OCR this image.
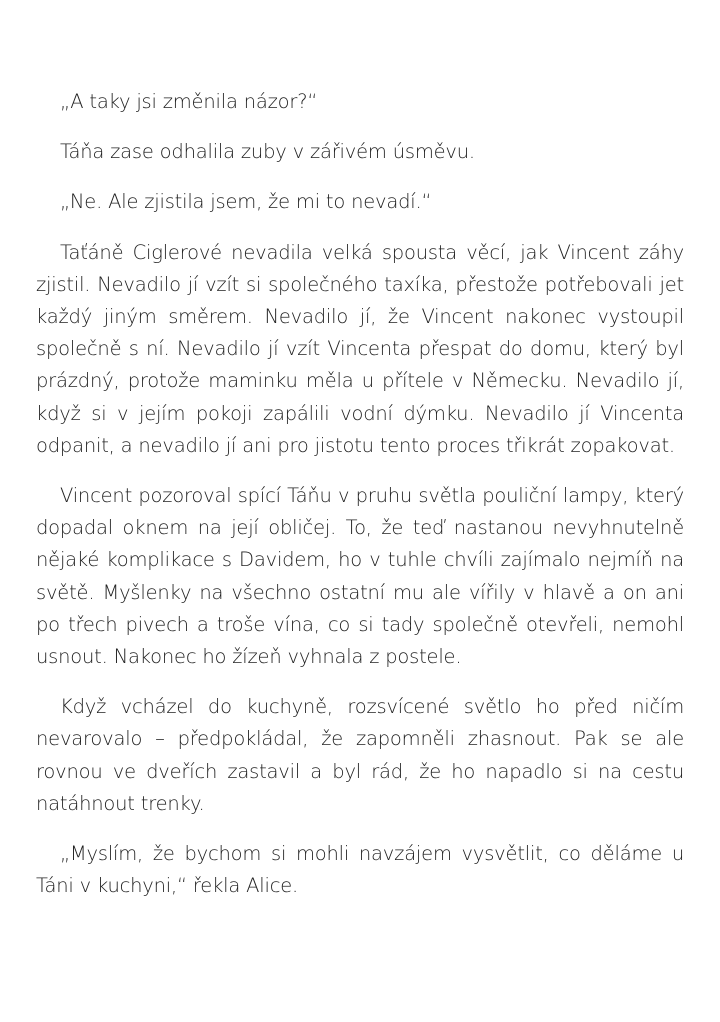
„A taky jsi změnila názor?“

Táňa zase odhalila zuby v zářivém úsměvu.

„Ne. Ale zjistila jsem, že mi to nevadí.“

Taťáně Ciglerové nevadila velká spousta věcí, jak Vincent záhy zjistil. Nevadilo jí vzít si společného taxíka, přestože potřebovali jet každý jiným směrem. Nevadilo jí, že Vincent nakonec vystoupil společně s ní. Nevadilo jí vzít Vincenta přespat do domu, který byl prázdný, protože maminku měla u přítele v Německu. Nevadilo jí, když si v jejím pokoji zapálili vodní dýmku. Nevadilo jí Vincenta odpanit, a nevadilo jí ani pro jistotu tento proces třikrát zopakovat.

Vincent pozoroval spící Táňu v pruhu světla pouliční lampy, který dopadal oknem na její obličej. To, že teď nastanou nevyhnutelně nějaké komplikace s Davidem, ho v tuhle chvíli zajímalo nejmíň na světě. Myšlenky na všechno ostatní mu ale vířily v hlavě a on ani po třech pivech a troše vína, co si tady společně otevřeli, nemohl usnout. Nakonec ho žízeň vyhnala z postele.

Když vcházel do kuchyně, rozsvícené světlo ho před ničím nevarovalo – předpokládal, že zapomněli zhasnout. Pak se ale rovnou ve dveřích zastavil a byl rád, že ho napadlo si na cestu natáhnout trenky.

„Myslím, že bychom si mohli navzájem vysvětlit, co děláme u Táni v kuchyni,“ řekla Alice.
